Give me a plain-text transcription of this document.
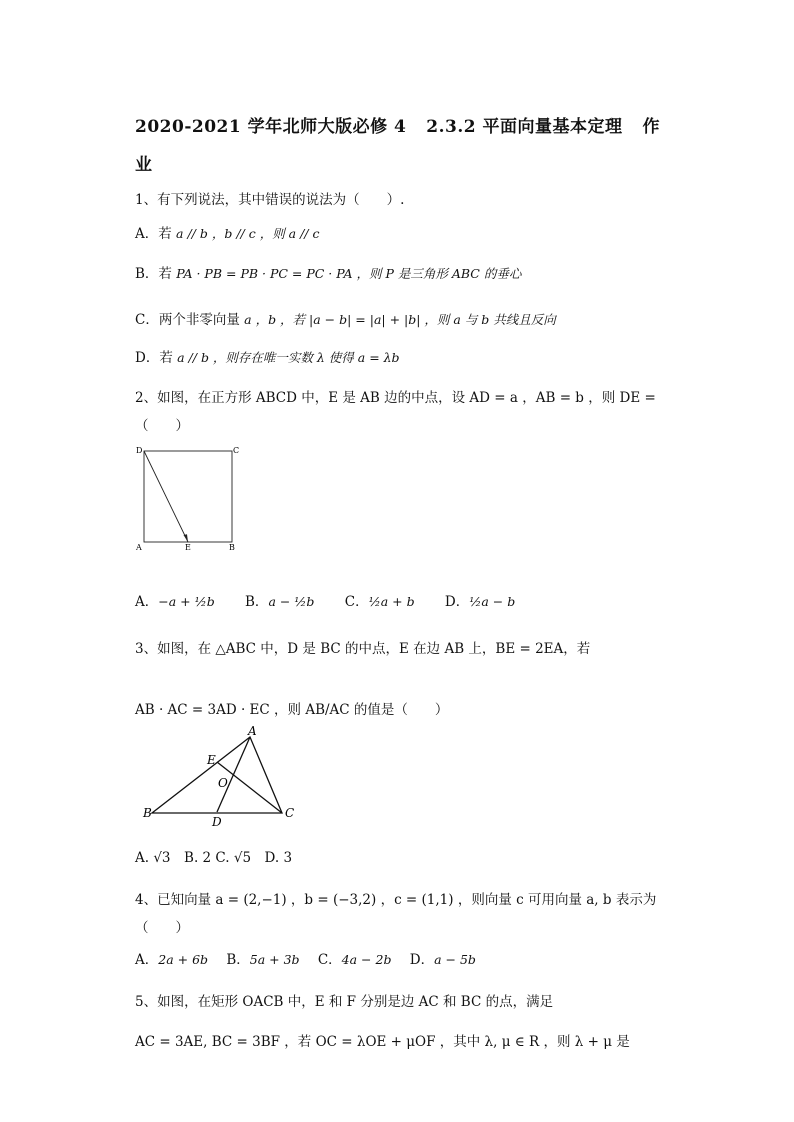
2020-2021 学年北师大版必修 4 2.3.2 平面向量基本定理 作
业
1、有下列说法，其中错误的说法为（　　）.
A．若 a // b ，b // c ，则 a // c
B．若 PA · PB = PB · PC = PC · PA ，则 P 是三角形 ABC 的垂心
C．两个非零向量 a ，b ，若 |a − b| = |a| + |b| ，则 a 与 b 共线且反向
D．若 a // b ，则存在唯一实数 λ 使得 a = λb
2、如图，在正方形 ABCD 中，E 是 AB 边的中点，设 AD = a ，AB = b ，则 DE =
（　　）
D	C
A	E	B
A．−a + ½b B．a − ½b C．½a + b D．½a − b
3、如图，在 △ABC 中，D 是 BC 的中点，E 在边 AB 上，BE = 2EA，若
AB · AC = 3AD · EC ，则 AB/AC 的值是（　　）
A
B	C
D
E
O
A. √3　B. 2 C. √5　D. 3
4、已知向量 a = (2,−1) ，b = (−3,2) ，c = (1,1) ，则向量 c 可用向量 a, b 表示为
（　　）
A．2a + 6b B．5a + 3b C．4a − 2b D．a − 5b
5、如图，在矩形 OACB 中，E 和 F 分别是边 AC 和 BC 的点，满足
AC = 3AE, BC = 3BF ，若 OC = λOE + μOF ，其中 λ, μ ∈ R ，则 λ + μ 是
